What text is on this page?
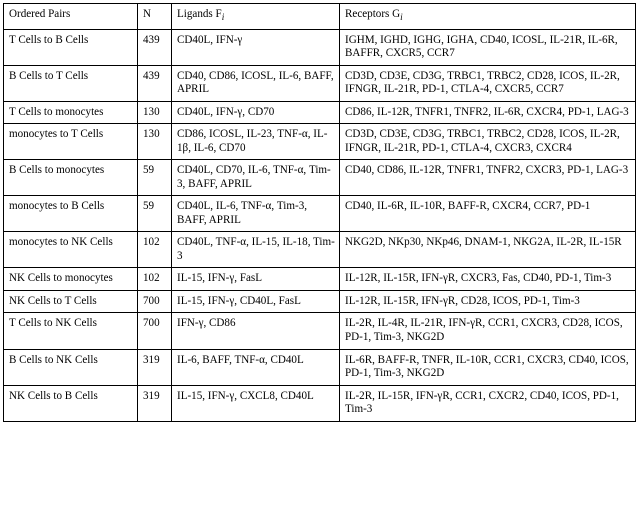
Ordered Pairs	N	Ligands $F_i$	Receptors $G_i$
T Cells to B Cells	439	CD40L, IFN-γ	IGHM, IGHD, IGHG, IGHA, CD40, ICOSL, IL-21R, IL-6R, BAFFR, CXCR5, CCR7
B Cells to T Cells	439	CD40, CD86, ICOSL, IL-6, BAFF, APRIL	CD3D, CD3E, CD3G, TRBC1, TRBC2, CD28, ICOS, IL-2R, IFNGR, IL-21R, PD-1, CTLA-4, CXCR5, CCR7
T Cells to monocytes	130	CD40L, IFN-γ, CD70	CD86, IL-12R, TNFR1, TNFR2, IL-6R, CXCR4, PD-1, LAG-3
monocytes to T Cells	130	CD86, ICOSL, IL-23, TNF-α, IL-1β, IL-6, CD70	CD3D, CD3E, CD3G, TRBC1, TRBC2, CD28, ICOS, IL-2R, IFNGR, IL-21R, PD-1, CTLA-4, CXCR3, CXCR4
B Cells to monocytes	59	CD40L, CD70, IL-6, TNF-α, Tim-3, BAFF, APRIL	CD40, CD86, IL-12R, TNFR1, TNFR2, CXCR3, PD-1, LAG-3
monocytes to B Cells	59	CD40L, IL-6, TNF-α, Tim-3, BAFF, APRIL	CD40, IL-6R, IL-10R, BAFF-R, CXCR4, CCR7, PD-1
monocytes to NK Cells	102	CD40L, TNF-α, IL-15, IL-18, Tim-3	NKG2D, NKp30, NKp46, DNAM-1, NKG2A, IL-2R, IL-15R
NK Cells to monocytes	102	IL-15, IFN-γ, FasL	IL-12R, IL-15R, IFN-γR, CXCR3, Fas, CD40, PD-1, Tim-3
NK Cells to T Cells	700	IL-15, IFN-γ, CD40L, FasL	IL-12R, IL-15R, IFN-γR, CD28, ICOS, PD-1, Tim-3
T Cells to NK Cells	700	IFN-γ, CD86	IL-2R, IL-4R, IL-21R, IFN-γR, CCR1, CXCR3, CD28, ICOS, PD-1, Tim-3, NKG2D
B Cells to NK Cells	319	IL-6, BAFF, TNF-α, CD40L	IL-6R, BAFF-R, TNFR, IL-10R, CCR1, CXCR3, CD40, ICOS, PD-1, Tim-3, NKG2D
NK Cells to B Cells	319	IL-15, IFN-γ, CXCL8, CD40L	IL-2R, IL-15R, IFN-γR, CCR1, CXCR2, CD40, ICOS, PD-1, Tim-3
